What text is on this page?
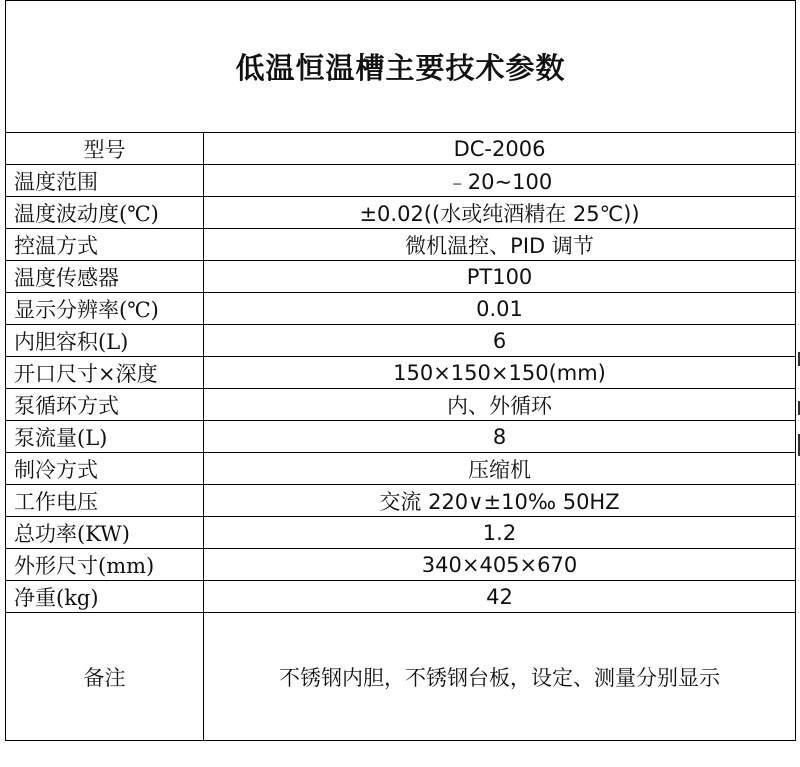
低温恒温槽主要技术参数	
型号	DC-2006
温度范围	﹣20~100
温度波动度(℃)	±0.02((水或纯酒精在 25℃))
控温方式	微机温控、PID 调节
温度传感器	PT100
显示分辨率(℃)	0.01
内胆容积(L)	6
开口尺寸×深度	150×150×150(mm)
泵循环方式	内、外循环
泵流量(L)	8
制冷方式	压缩机
工作电压	交流 220∨±10‰ 50HZ
总功率(KW)	1.2
外形尺寸(mm)	340×405×670
净重(kg)	42
备注	不锈钢内胆，不锈钢台板，设定、测量分别显示
